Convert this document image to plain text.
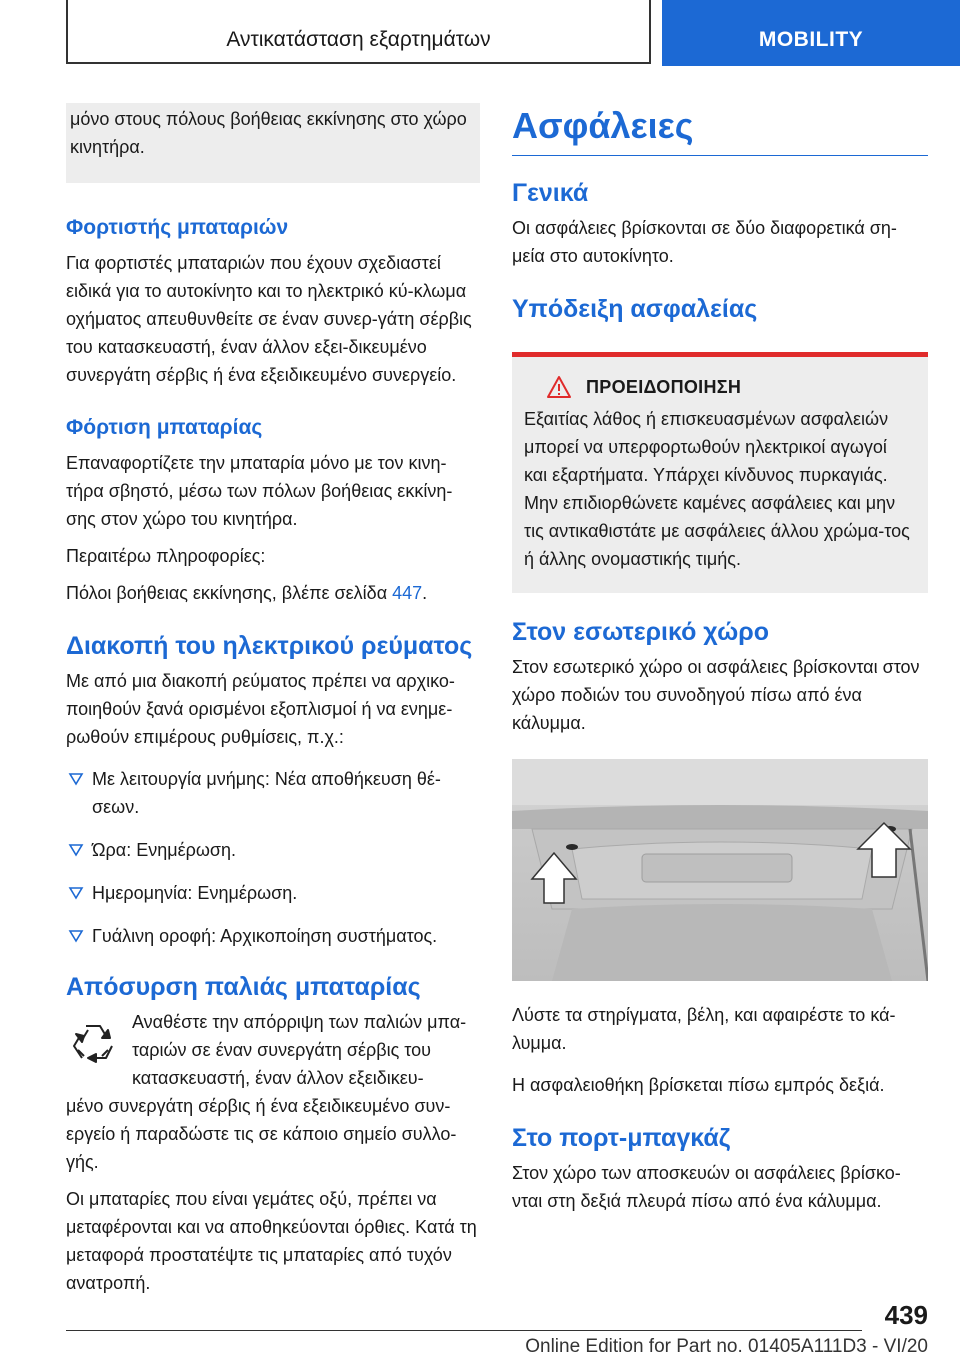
Αντικατάσταση εξαρτημάτων	MOBILITY

μόνο στους πόλους βοήθειας εκκίνησης στο χώρο κινητήρα.

Φορτιστής μπαταριών

Για φορτιστές μπαταριών που έχουν σχεδιαστεί ειδικά για το αυτοκίνητο και το ηλεκτρικό κύ-κλωμα οχήματος απευθυνθείτε σε έναν συνερ-γάτη σέρβις του κατασκευαστή, έναν άλλον εξει-δικευμένο συνεργάτη σέρβις ή ένα εξειδικευμένο συνεργείο.

Φόρτιση μπαταρίας

Επαναφορτίζετε την μπαταρία μόνο με τον κινη-τήρα σβηστό, μέσω των πόλων βοήθειας εκκίνη-σης στον χώρο του κινητήρα.

Περαιτέρω πληροφορίες:

Πόλοι βοήθειας εκκίνησης, βλέπε σελίδα 447.

Διακοπή του ηλεκτρικού ρεύματος

Με από μια διακοπή ρεύματος πρέπει να αρχικο-ποιηθούν ξανά ορισμένοι εξοπλισμοί ή να ενημε-ρωθούν επιμέρους ρυθμίσεις, π.χ.:

Με λειτουργία μνήμης: Νέα αποθήκευση θέ-σεων.
Ώρα: Ενημέρωση.
Ημερομηνία: Ενημέρωση.
Γυάλινη οροφή: Αρχικοποίηση συστήματος.
Απόσυρση παλιάς μπαταρίας
Αναθέστε την απόρριψη των παλιών μπα-
ταριών σε έναν συνεργάτη σέρβις του
κατασκευαστή, έναν άλλον εξειδικευ-
μένο συνεργάτη σέρβις ή ένα εξειδικευμένο συν-εργείο ή παραδώστε τις σε κάποιο σημείο συλλο-γής.

Οι μπαταρίες που είναι γεμάτες οξύ, πρέπει να μεταφέρονται και να αποθηκεύονται όρθιες. Κατά τη μεταφορά προστατέψτε τις μπαταρίες από τυχόν ανατροπή.

Ασφάλειες
Γενικά

Οι ασφάλειες βρίσκονται σε δύο διαφορετικά ση-μεία στο αυτοκίνητο.

Υπόδειξη ασφαλείας
ΠΡΟΕΙΔΟΠΟΙΗΣΗ

Εξαιτίας λάθος ή επισκευασμένων ασφαλειών μπορεί να υπερφορτωθούν ηλεκτρικοί αγωγοί και εξαρτήματα. Υπάρχει κίνδυνος πυρκαγιάς. Μην επιδιορθώνετε καμένες ασφάλειες και μην τις αντικαθιστάτε με ασφάλειες άλλου χρώμα-τος ή άλλης ονομαστικής τιμής.

Στον εσωτερικό χώρο

Στον εσωτερικό χώρο οι ασφάλειες βρίσκονται στον χώρο ποδιών του συνοδηγού πίσω από ένα κάλυμμα.

Λύστε τα στηρίγματα, βέλη, και αφαιρέστε το κά-λυμμα.

Η ασφαλειοθήκη βρίσκεται πίσω εμπρός δεξιά.

Στο πορτ-μπαγκάζ

Στον χώρο των αποσκευών οι ασφάλειες βρίσκο-νται στη δεξιά πλευρά πίσω από ένα κάλυμμα.

439
Online Edition for Part no. 01405A111D3 - VI/20
